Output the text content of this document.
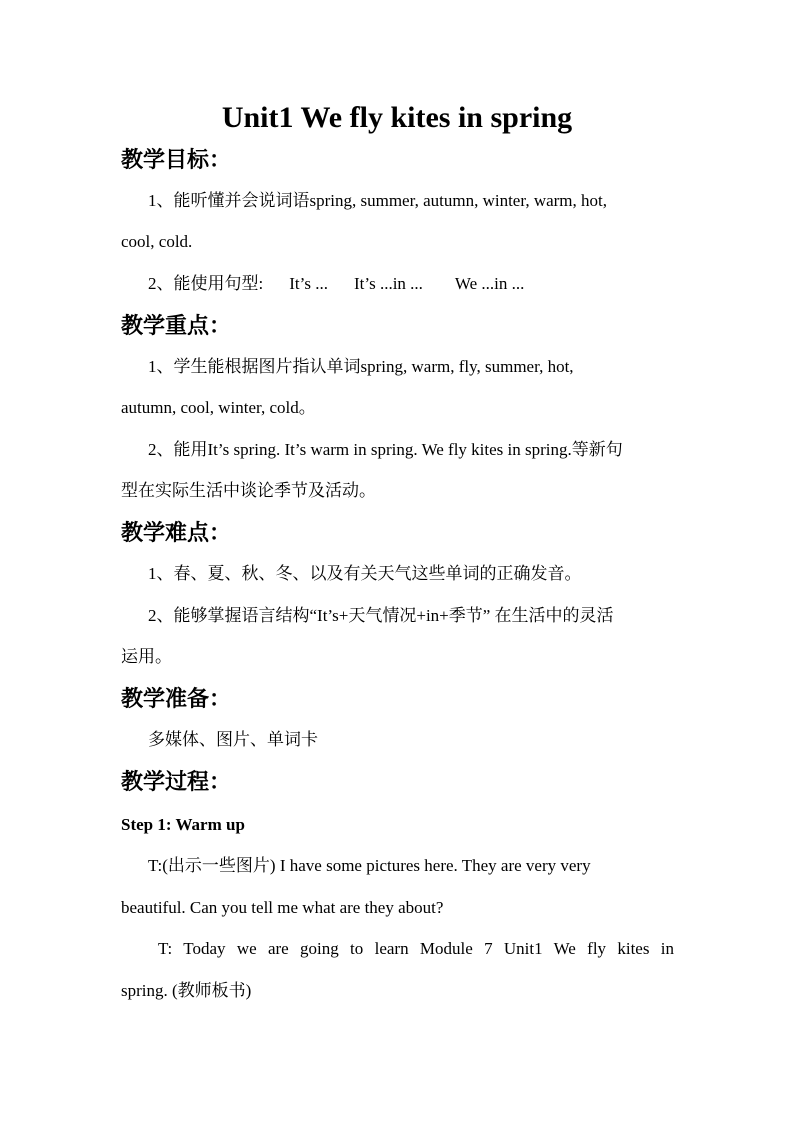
Unit1 We fly kites in spring
教学目标：
1、能听懂并会说词语spring, summer, autumn, winter, warm, hot,
cool, cold.
2、能使用句型: It’s ... It’s ...in ... We ...in ...
教学重点：
1、学生能根据图片指认单词spring, warm, fly, summer, hot,
autumn, cool, winter, cold。
2、能用It’s spring. It’s warm in spring. We fly kites in spring.等新句
型在实际生活中谈论季节及活动。
教学难点：
1、春、夏、秋、冬、以及有关天气这些单词的正确发音。
2、能够掌握语言结构“It’s+天气情况+in+季节” 在生活中的灵活
运用。
教学准备：
多媒体、图片、单词卡
教学过程：
Step 1: Warm up
T:(出示一些图片) I have some pictures here. They are very very
beautiful. Can you tell me what are they about?
T: Today we are going to learn Module 7 Unit1 We fly kites in
spring. (教师板书)
